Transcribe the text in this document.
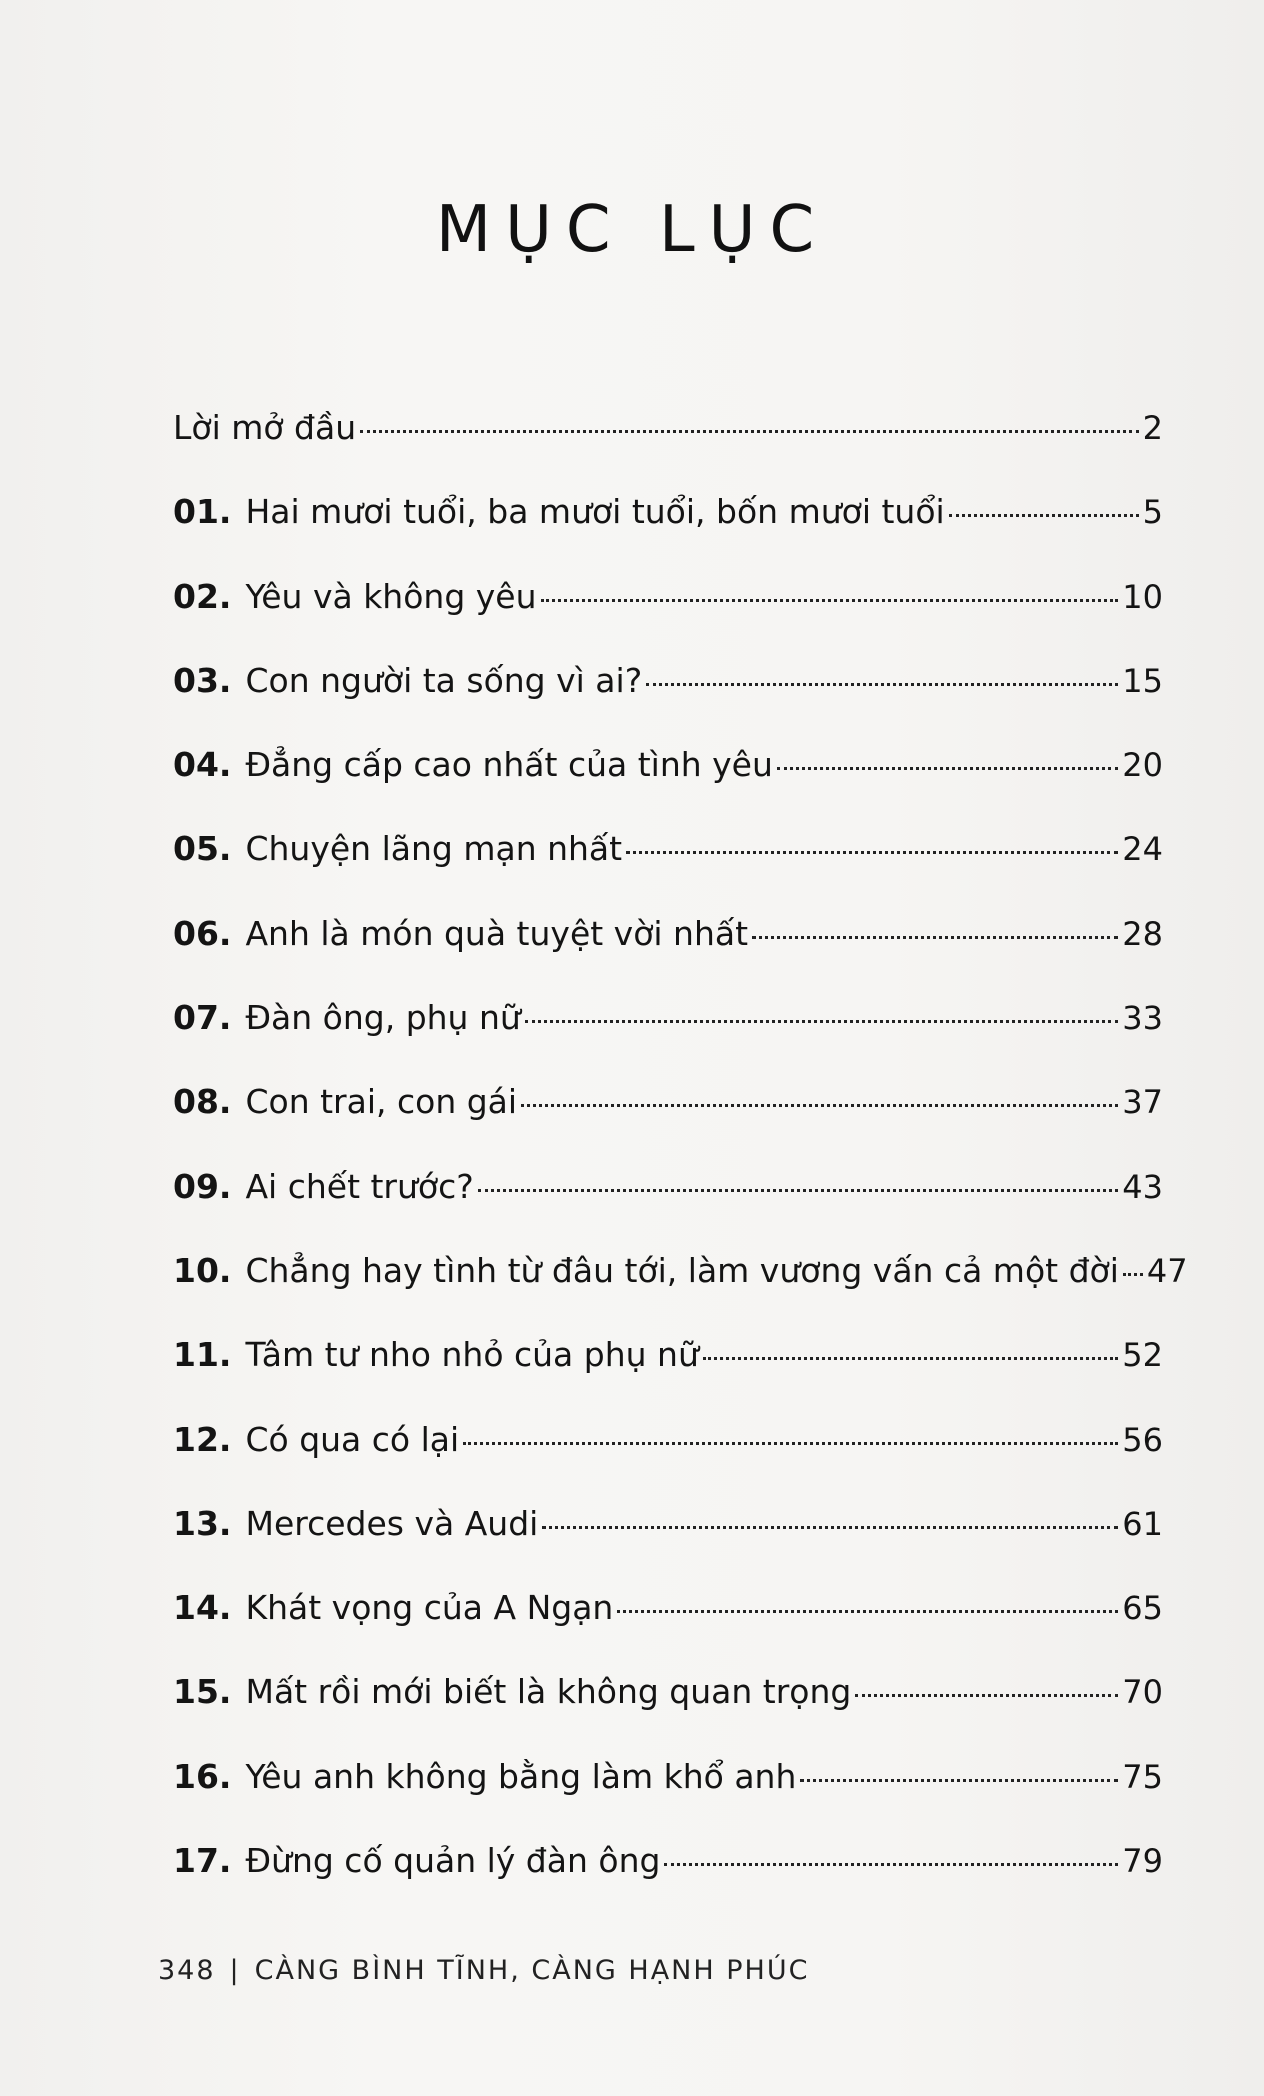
MỤC LỤC
Lời mở đầu	2
01. Hai mươi tuổi, ba mươi tuổi, bốn mươi tuổi	5
02. Yêu và không yêu	10
03. Con người ta sống vì ai?	15
04. Đẳng cấp cao nhất của tình yêu	20
05. Chuyện lãng mạn nhất	24
06. Anh là món quà tuyệt vời nhất	28
07. Đàn ông, phụ nữ	33
08. Con trai, con gái	37
09. Ai chết trước?	43
10. Chẳng hay tình từ đâu tới, làm vương vấn cả một đời 47
11. Tâm tư nho nhỏ của phụ nữ	52
12. Có qua có lại	56
13. Mercedes và Audi	61
14. Khát vọng của A Ngạn	65
15. Mất rồi mới biết là không quan trọng	70
16. Yêu anh không bằng làm khổ anh	75
17. Đừng cố quản lý đàn ông	79
348 | CÀNG BÌNH TĨNH, CÀNG HẠNH PHÚC
